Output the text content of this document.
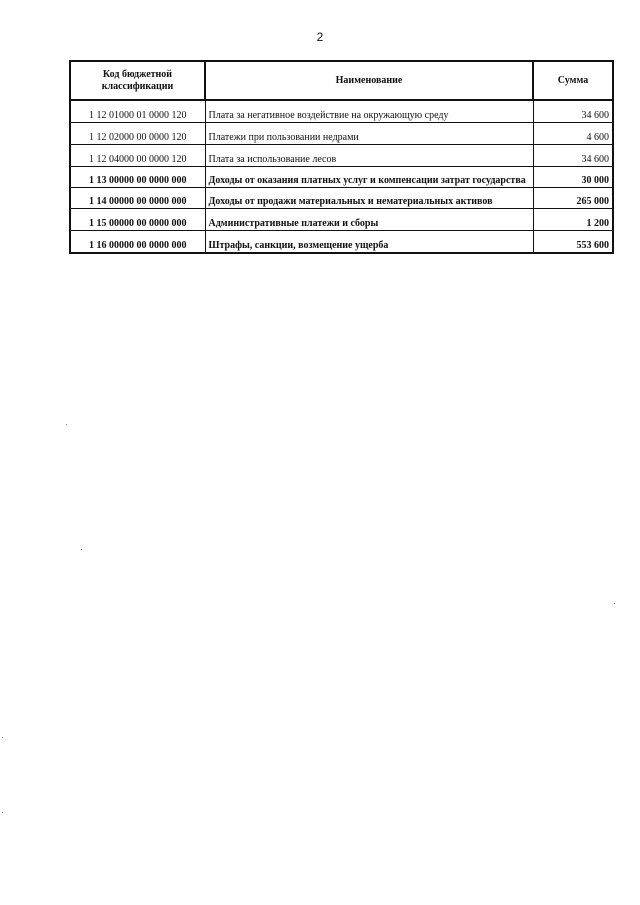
2
Код бюджетной классификации	Наименование	Сумма
1 12 01000 01 0000 120	Плата за негативное воздействие на окружающую среду	34 600
1 12 02000 00 0000 120	Платежи при пользовании недрами	4 600
1 12 04000 00 0000 120	Плата за использование лесов	34 600
1 13 00000 00 0000 000	Доходы от оказания платных услуг и компенсации затрат государства	30 000
1 14 00000 00 0000 000	Доходы от продажи материальных и нематериальных активов	265 000
1 15 00000 00 0000 000	Административные платежи и сборы	1 200
1 16 00000 00 0000 000	Штрафы, санкции, возмещение ущерба	553 600
